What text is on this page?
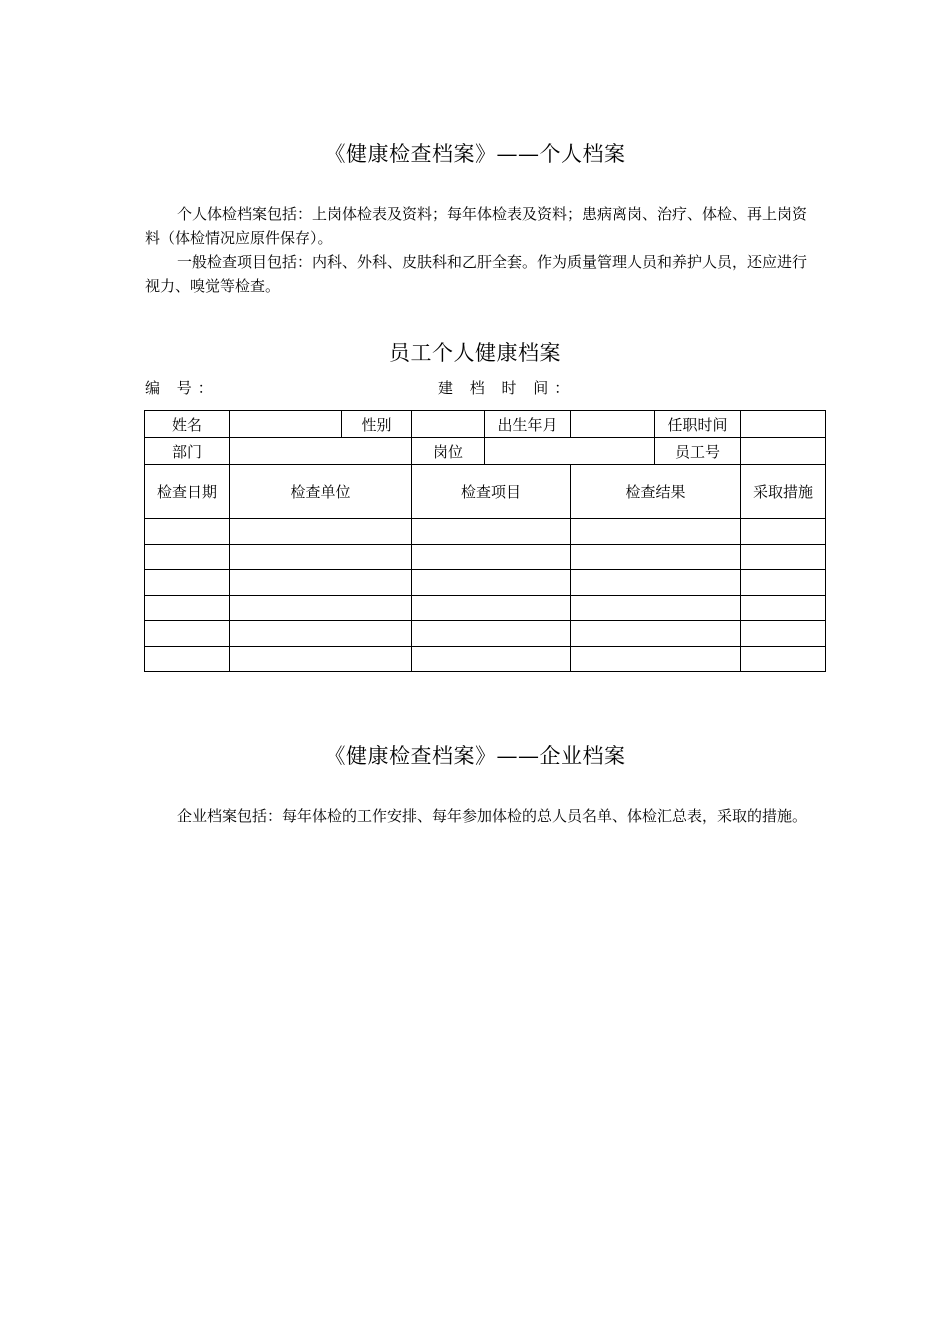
《健康检查档案》——个人档案

个人体检档案包括：上岗体检表及资料；每年体检表及资料；患病离岗、治疗、体检、再上岗资料（体检情况应原件保存）。

一般检查项目包括：内科、外科、皮肤科和乙肝全套。作为质量管理人员和养护人员，还应进行视力、嗅觉等检查。

员工个人健康档案
编 号：	建 档 时 间：
姓名		性别		出生年月		任职时间	
部门			岗位			员工号	
检查日期	检查单位		检查项目		检查结果		采取措施

《健康检查档案》——企业档案

企业档案包括：每年体检的工作安排、每年参加体检的总人员名单、体检汇总表，采取的措施。
